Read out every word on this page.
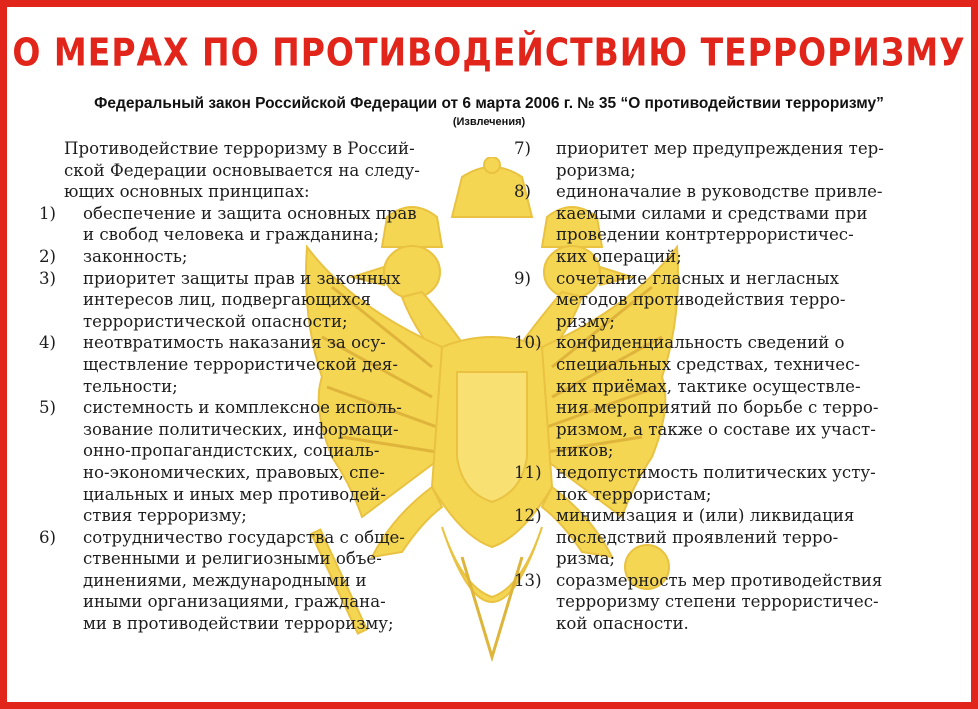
О МЕРАХ ПО ПРОТИВОДЕЙСТВИЮ ТЕРРОРИЗМУ
Федеральный закон Российской Федерации от 6 марта 2006 г. № 35 “О противодействии терроризму”
(Извлечения)
Противодействие терроризму в Россий-
ской Федерации основывается на следу-
ющих основных принципах:
1) обеспечение и защита основных прав
и свобод человека и гражданина;
2) законность;
3) приоритет защиты прав и законных
интересов лиц, подвергающихся
террористической опасности;
4) неотвратимость наказания за осу-
ществление террористической дея-
тельности;
5) системность и комплексное исполь-
зование политических, информаци-
онно-пропагандистских, социаль-
но-экономических, правовых, спе-
циальных и иных мер противодей-
ствия терроризму;
6) сотрудничество государства с обще-
ственными и религиозными объе-
динениями, международными и
иными организациями, граждана-
ми в противодействии терроризму;
7) приоритет мер предупреждения тер-
роризма;
8) единоначалие в руководстве привле-
каемыми силами и средствами при
проведении контртеррористичес-
ких операций;
9) сочетание гласных и негласных
методов противодействия терро-
ризму;
10) конфиденциальность сведений о
специальных средствах, техничес-
ких приёмах, тактике осуществле-
ния мероприятий по борьбе с терро-
ризмом, а также о составе их участ-
ников;
11) недопустимость политических усту-
пок террористам;
12) минимизация и (или) ликвидация
последствий проявлений терро-
ризма;
13) соразмерность мер противодействия
терроризму степени террористичес-
кой опасности.
